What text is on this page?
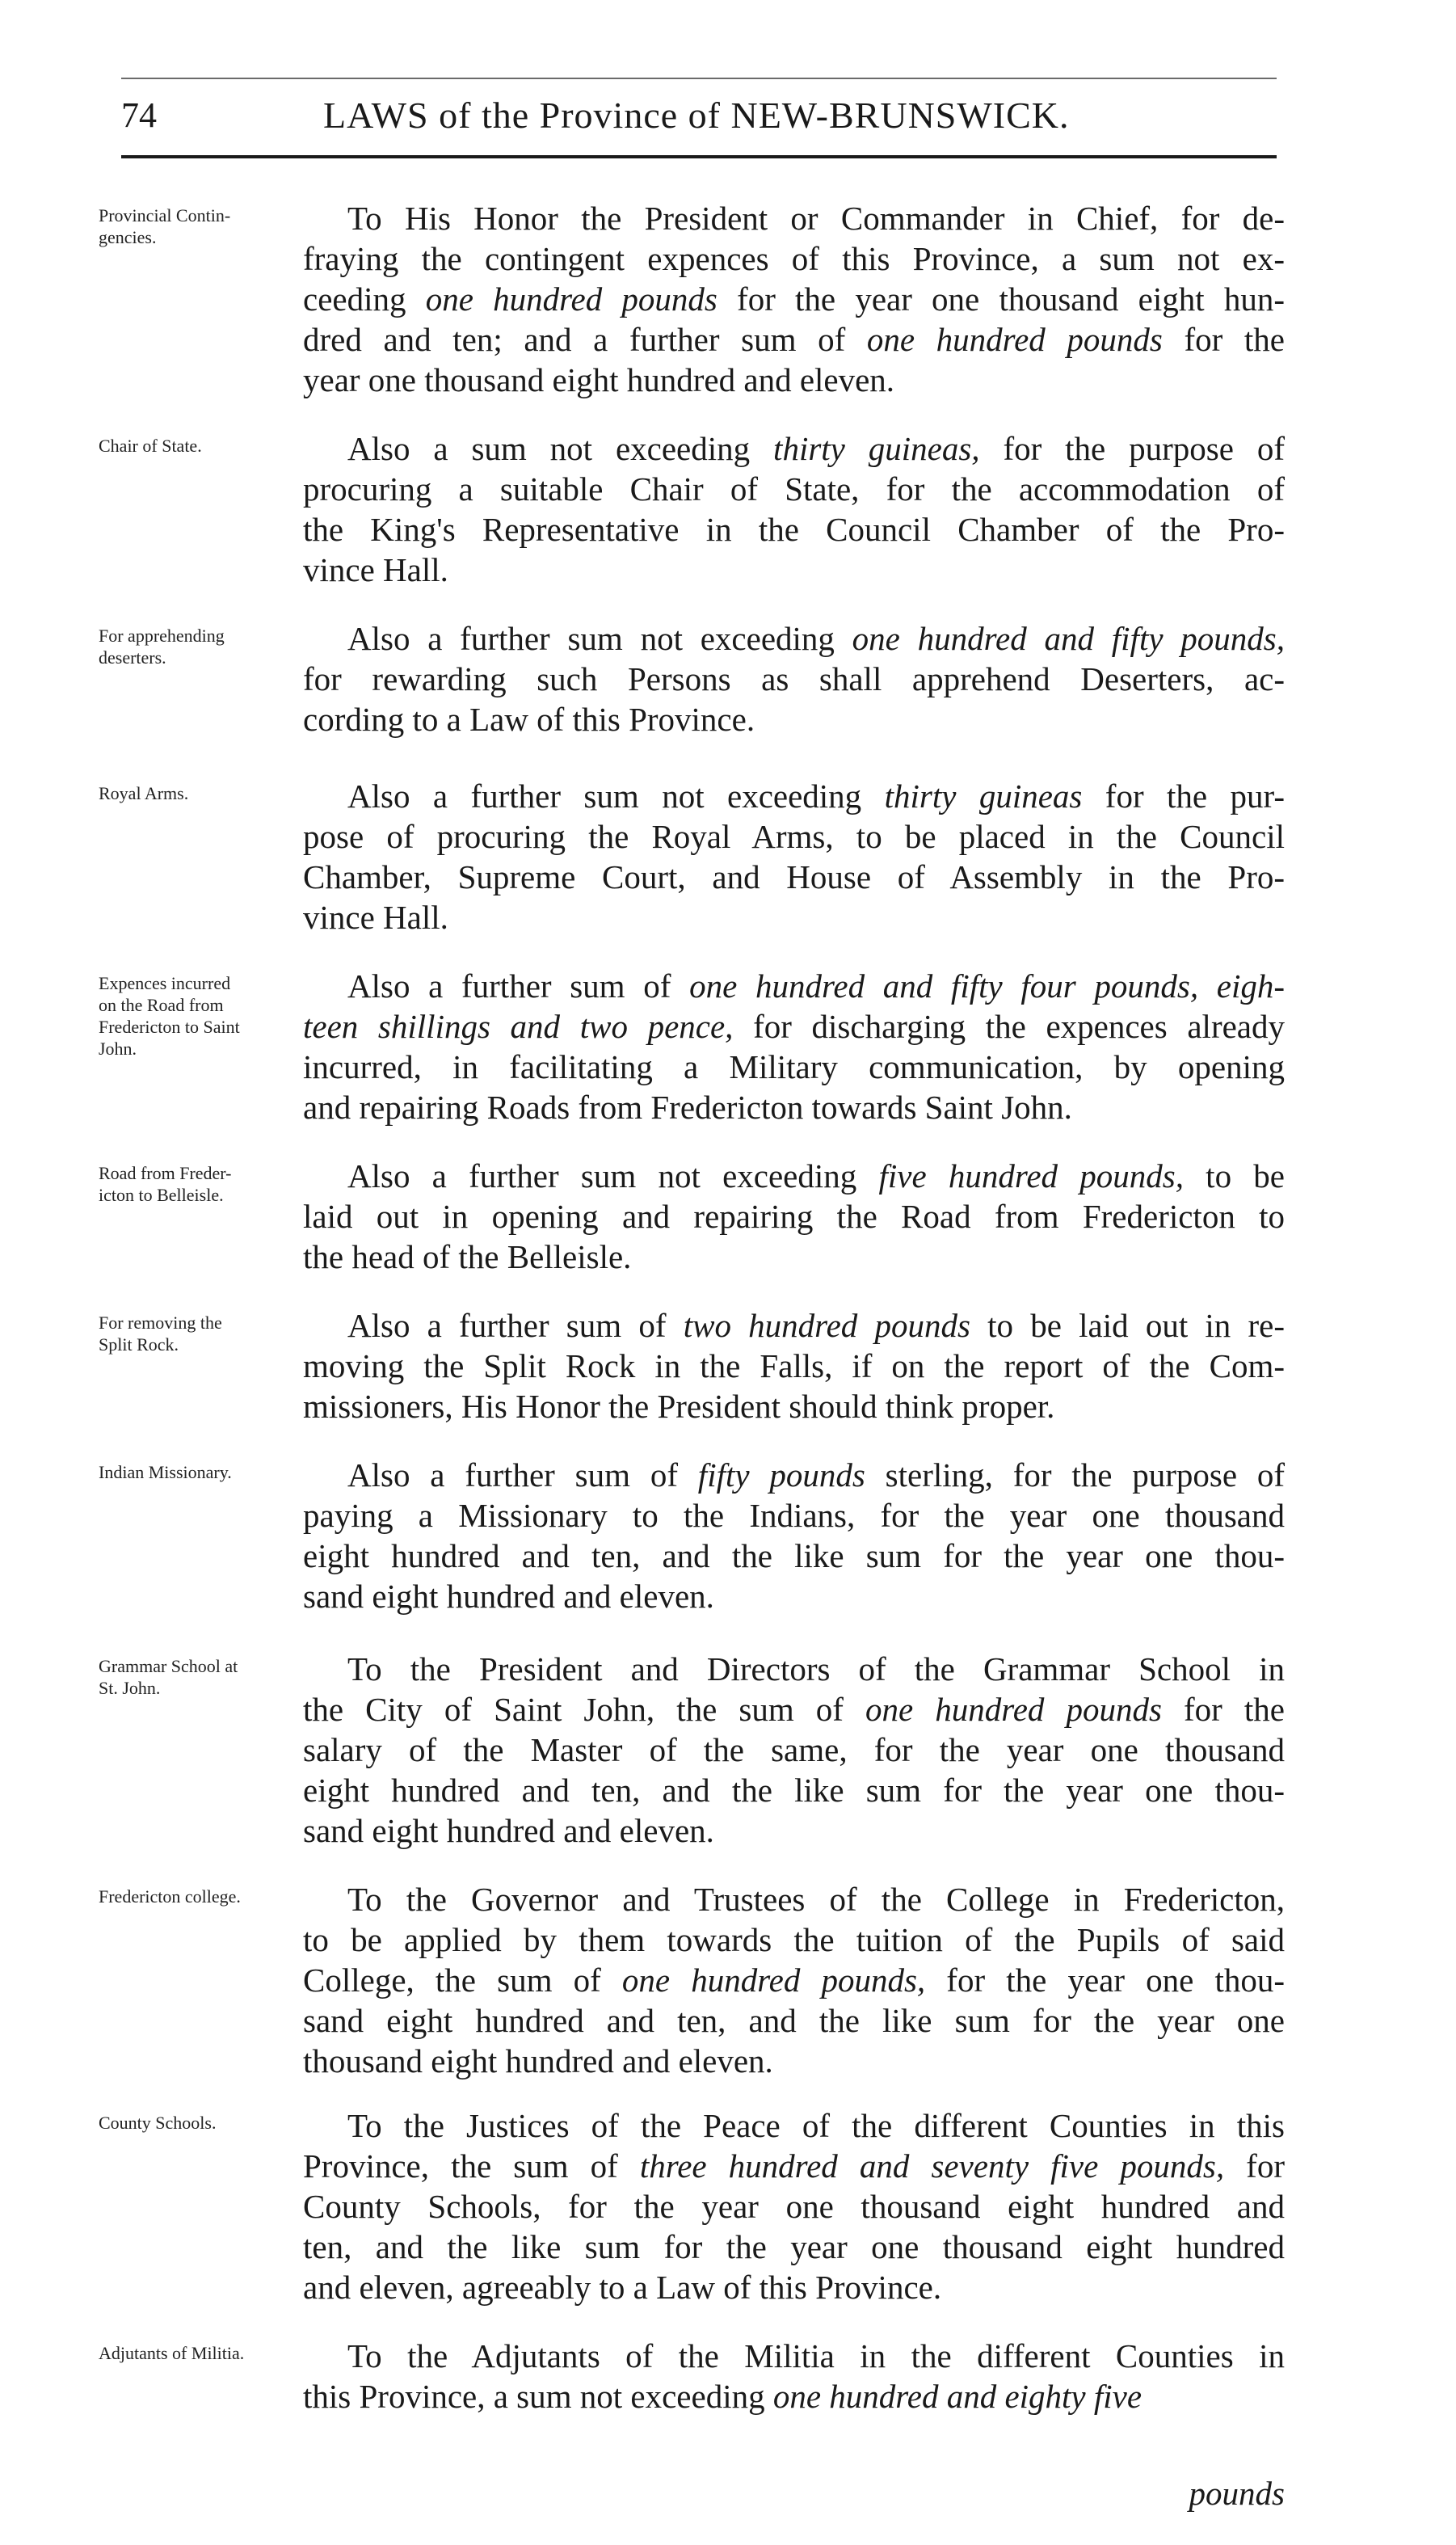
74	LAWS of the Province of NEW-BRUNSWICK.
Provincial Contin-
gencies.
To His Honor the President or Commander in Chief, for de-
fraying the contingent expences of this Province, a sum not ex-
ceeding one hundred pounds for the year one thousand eight hun-
dred and ten; and a further sum of one hundred pounds for the
year one thousand eight hundred and eleven.
Chair of State.	Also a sum not exceeding thirty guineas, for the purpose of
procuring a suitable Chair of State, for the accommodation of
the King's Representative in the Council Chamber of the Pro-
vince Hall.
For apprehending
deserters.
Also a further sum not exceeding one hundred and fifty pounds,
for rewarding such Persons as shall apprehend Deserters, ac-
cording to a Law of this Province.
Royal Arms.	Also a further sum not exceeding thirty guineas for the pur-
pose of procuring the Royal Arms, to be placed in the Council
Chamber, Supreme Court, and House of Assembly in the Pro-
vince Hall.
Expences incurred
on the Road from
Fredericton to Saint
John.
Also a further sum of one hundred and fifty four pounds, eigh-
teen shillings and two pence, for discharging the expences already
incurred, in facilitating a Military communication, by opening
and repairing Roads from Fredericton towards Saint John.
Road from Freder-
icton to Belleisle.
Also a further sum not exceeding five hundred pounds, to be
laid out in opening and repairing the Road from Fredericton to
the head of the Belleisle.
For removing the
Split Rock.
Also a further sum of two hundred pounds to be laid out in re-
moving the Split Rock in the Falls, if on the report of the Com-
missioners, His Honor the President should think proper.
Indian Missionary.	Also a further sum of fifty pounds sterling, for the purpose of
paying a Missionary to the Indians, for the year one thousand
eight hundred and ten, and the like sum for the year one thou-
sand eight hundred and eleven.
Grammar School at
St. John.
To the President and Directors of the Grammar School in
the City of Saint John, the sum of one hundred pounds for the
salary of the Master of the same, for the year one thousand
eight hundred and ten, and the like sum for the year one thou-
sand eight hundred and eleven.
Fredericton college.	To the Governor and Trustees of the College in Fredericton,
to be applied by them towards the tuition of the Pupils of said
College, the sum of one hundred pounds, for the year one thou-
sand eight hundred and ten, and the like sum for the year one
thousand eight hundred and eleven.
County Schools.	To the Justices of the Peace of the different Counties in this
Province, the sum of three hundred and seventy five pounds, for
County Schools, for the year one thousand eight hundred and
ten, and the like sum for the year one thousand eight hundred
and eleven, agreeably to a Law of this Province.
Adjutants of Militia.	To the Adjutants of the Militia in the different Counties in
this Province, a sum not exceeding one hundred and eighty five
pounds
